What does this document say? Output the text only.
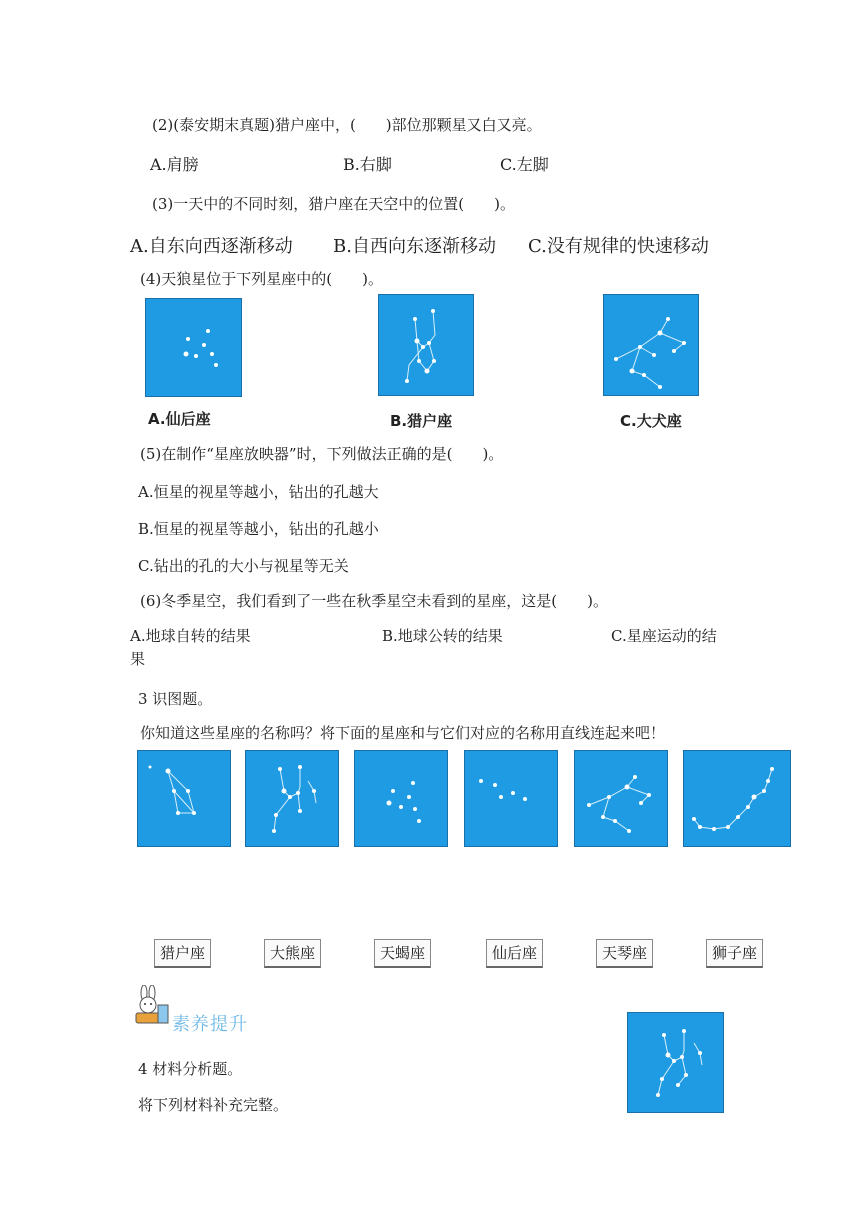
(2)(泰安期末真题)猎户座中，(　　)部位那颗星又白又亮。
A.肩膀	B.右脚	C.左脚
(3)一天中的不同时刻，猎户座在天空中的位置(　　)。
A.自东向西逐渐移动 B.自西向东逐渐移动 C.没有规律的快速移动
(4)天狼星位于下列星座中的(　　)。
A.仙后座	B.猎户座	C.大犬座
(5)在制作“星座放映器”时，下列做法正确的是(　　)。
A.恒星的视星等越小，钻出的孔越大
B.恒星的视星等越小，钻出的孔越小
C.钻出的孔的大小与视星等无关
(6)冬季星空，我们看到了一些在秋季星空未看到的星座，这是(　　)。
A.地球自转的结果	B.地球公转的结果	C.星座运动的结
果
3 识图题。
你知道这些星座的名称吗？将下面的星座和与它们对应的名称用直线连起来吧！
猎户座	大熊座	天蝎座	仙后座	天琴座	狮子座
素养提升
4 材料分析题。
将下列材料补充完整。
